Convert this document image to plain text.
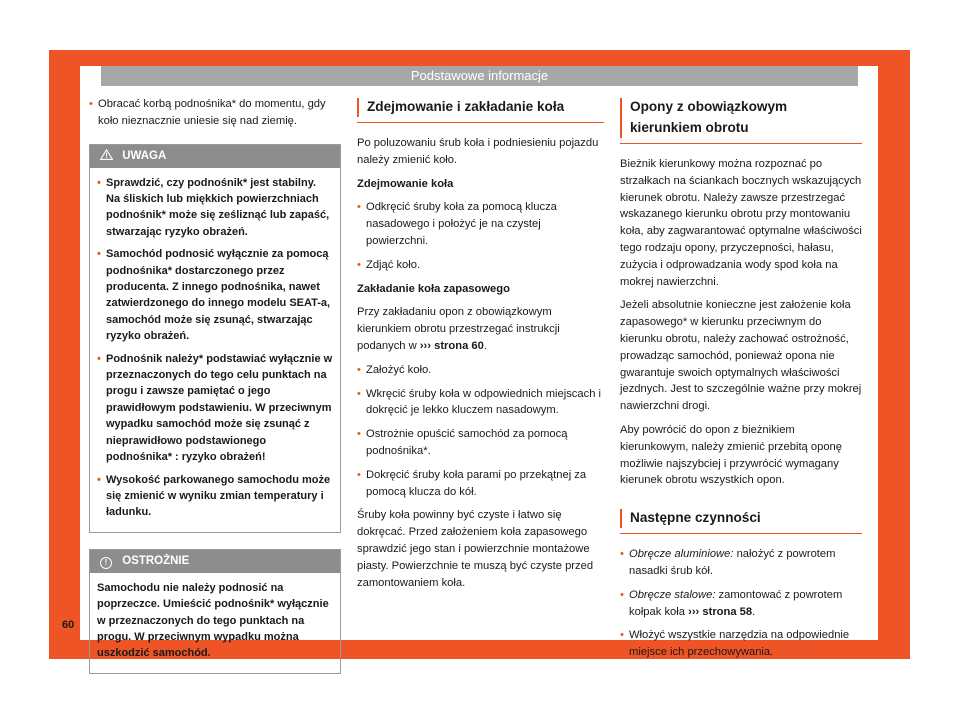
Podstawowe informacje

• Obracać korbą podnośnika* do momentu, gdy koło nieznacznie uniesie się nad ziemię.

UWAGA

• Sprawdzić, czy podnośnik* jest stabilny. Na śliskich lub miękkich powierzchniach podnośnik* może się ześliznąć lub zapaść, stwarzając ryzyko obrażeń.

• Samochód podnosić wyłącznie za pomocą podnośnika* dostarczonego przez producenta. Z innego podnośnika, nawet zatwierdzonego do innego modelu SEAT-a, samochód może się zsunąć, stwarzając ryzyko obrażeń.

• Podnośnik należy* podstawiać wyłącznie w przeznaczonych do tego celu punktach na progu i zawsze pamiętać o jego prawidłowym podstawieniu. W przeciwnym wypadku samochód może się zsunąć z nieprawidłowo podstawionego podnośnika* : ryzyko obrażeń!

• Wysokość parkowanego samochodu może się zmienić w wyniku zmian temperatury i ładunku.

! OSTROŻNIE

Samochodu nie należy podnosić na poprzeczce. Umieścić podnośnik* wyłącznie w przeznaczonych do tego punktach na progu. W przeciwnym wypadku można uszkodzić samochód.

Zdejmowanie i zakładanie koła

Po poluzowaniu śrub koła i podniesieniu pojazdu należy zmienić koło.

Zdejmowanie koła

• Odkręcić śruby koła za pomocą klucza nasadowego i położyć je na czystej powierzchni.

• Zdjąć koło.

Zakładanie koła zapasowego

Przy zakładaniu opon z obowiązkowym kierunkiem obrotu przestrzegać instrukcji podanych w ››› strona 60.

• Założyć koło.

• Wkręcić śruby koła w odpowiednich miejscach i dokręcić je lekko kluczem nasadowym.

• Ostrożnie opuścić samochód za pomocą podnośnika*.

• Dokręcić śruby koła parami po przekątnej za pomocą klucza do kół.

Śruby koła powinny być czyste i łatwo się dokręcać. Przed założeniem koła zapasowego sprawdzić jego stan i powierzchnie montażowe piasty. Powierzchnie te muszą być czyste przed zamontowaniem koła.

Opony z obowiązkowym kierunkiem obrotu

Bieżnik kierunkowy można rozpoznać po strzałkach na ściankach bocznych wskazujących kierunek obrotu. Należy zawsze przestrzegać wskazanego kierunku obrotu przy montowaniu koła, aby zagwarantować optymalne właściwości tego rodzaju opony, przyczepności, hałasu, zużycia i odprowadzania wody spod koła na mokrej nawierzchni.

Jeżeli absolutnie konieczne jest założenie koła zapasowego* w kierunku przeciwnym do kierunku obrotu, należy zachować ostrożność, prowadząc samochód, ponieważ opona nie gwarantuje swoich optymalnych właściwości jezdnych. Jest to szczególnie ważne przy mokrej nawierzchni drogi.

Aby powrócić do opon z bieżnikiem kierunkowym, należy zmienić przebitą oponę możliwie najszybciej i przywrócić wymagany kierunek obrotu wszystkich opon.

Następne czynności

• Obręcze aluminiowe: nałożyć z powrotem nasadki śrub kół.

• Obręcze stalowe: zamontować z powrotem kołpak koła ››› strona 58.

• Włożyć wszystkie narzędzia na odpowiednie miejsce ich przechowywania.

60
